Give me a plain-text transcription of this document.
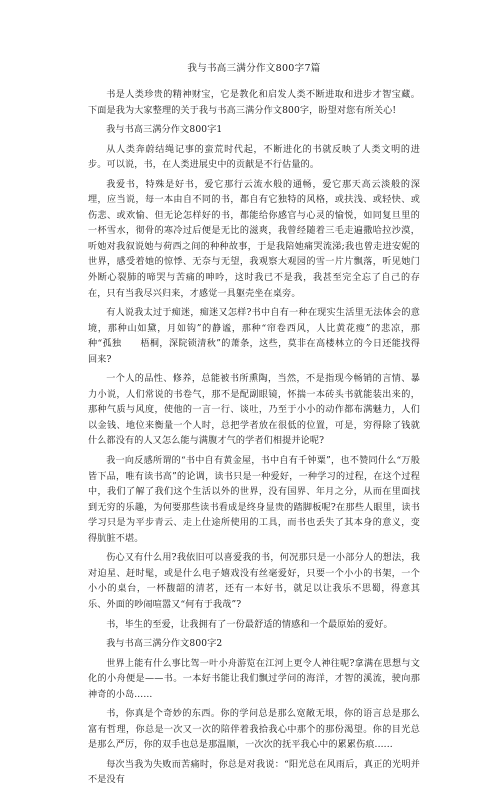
我与书高三满分作文800字7篇

书是人类珍贵的精神财宝，它是教化和启发人类不断进取和进步才智宝藏。下面是我为大家整理的关于我与书高三满分作文800字，盼望对您有所关心!

我与书高三满分作文800字1

从人类奔蔚结绳记事的蛮荒时代起，不断进化的书就反映了人类文明的进步。可以说，书，在人类进展史中的贡献是不行估量的。

我爱书，特殊是好书，爱它那行云流水般的通畅，爱它那天高云淡般的深埋，应当说，每一本由自不同的书，都自有它独特的风格，或扶浅、或轻快、或伤悲、或欢愉、但无论怎样好的书，都能给你感官与心灵的愉悦，如同复旦里的一杯雪水，彻骨的寒冷过后便是无比的滋爽，我曾经随着三毛走遍撒哈拉沙漠，听她对我叙说她与荷西之间的种种故事，于是我陪她痛哭流涕;我也曾走进安妮的世界，感受着她的惊悸、无奈与无望，我观察大观园的雪一片片飘落，听见她门外断心裂肺的啼哭与苦痛的呻吟，这时我已不是我，我甚至完全忘了自己的存在，只有当我尽兴归来，才感觉一具躯壳坐在桌旁。

有人说我太过于痴迷，痴迷又怎样?书中自有一种在现实生活里无法体会的意境，那种山如黛，月如钩”的静谧，那种“帘卷西风，人比黄花瘦”的悲凉，那种“孤独　　梧桐，深院锁清秋”的萧条，这些，莫非在高楼林立的今日还能找得回来?

一个人的品性、修养，总能被书所熏陶，当然，不是指现今畅销的言情、暴力小说，人们常说的书卷气，那不是配副眼镜，怀揣一本砖头书就能装出来的，那种气质与风度，使他的一言一行、谈吐，乃至于小小的动作都布满魅力，人们以金钱、地位来衡量一个人时，总把学者放在很低的位置，可是，穷得除了钱就什么都没有的人又怎么能与满腹才气的学者们相提并论呢?

我一向反感所谓的“书中自有黄金屋，书中自有千钟粟”，也不赞同什么“万般皆下品，唯有读书高”的论调，读书只是一种爱好，一种学习的过程，在这个过程中，我们了解了我们这个生活以外的世界，没有国界、年月之分，从而在里面找到无穷的乐趣，为何要那些读书看成是终身显贵的踏脚板呢?在那些人眼里，读书学习只是为平步青云、走上仕途所使用的工具，而书也丢失了其本身的意义，变得肮脏不堪。

伤心又有什么用?我依旧可以喜爱我的书，何况那只是一小部分人的想法，我对迫星、赶时髦，或是什么电子嬉戏没有丝毫爱好，只要一个小小的书架，一个小小的桌台，一杯馥韶的清茗，还有一本好书，就足以让我乐不思蜀，得意其乐、外面的吵闹喧嚣又“何有于我哉”?

书，毕生的至爱，让我拥有了一份最舒适的情感和一个最原始的爱好。

我与书高三满分作文800字2

世界上能有什么事比驾一叶小舟游览在江河上更令人神往呢?拿满在思想与文化的小舟便是——书。一本好书能让我们飘过学问的海洋，才智的溪流，驶向那神奇的小岛......

书，你真是个奇妙的东西。你的学问总是那么宽敞无垠，你的语言总是那么富有哲理，你总是一次又一次的陪伴着我拾我心中那个的那份渴望。你的目光总是那么严厉，你的双手也总是那温顺，一次次的抚平我心中的累累伤痕......

每次当我为失败而苦痛时，你总是对我说：“阳光总在风雨后，真正的光明并不是没有
